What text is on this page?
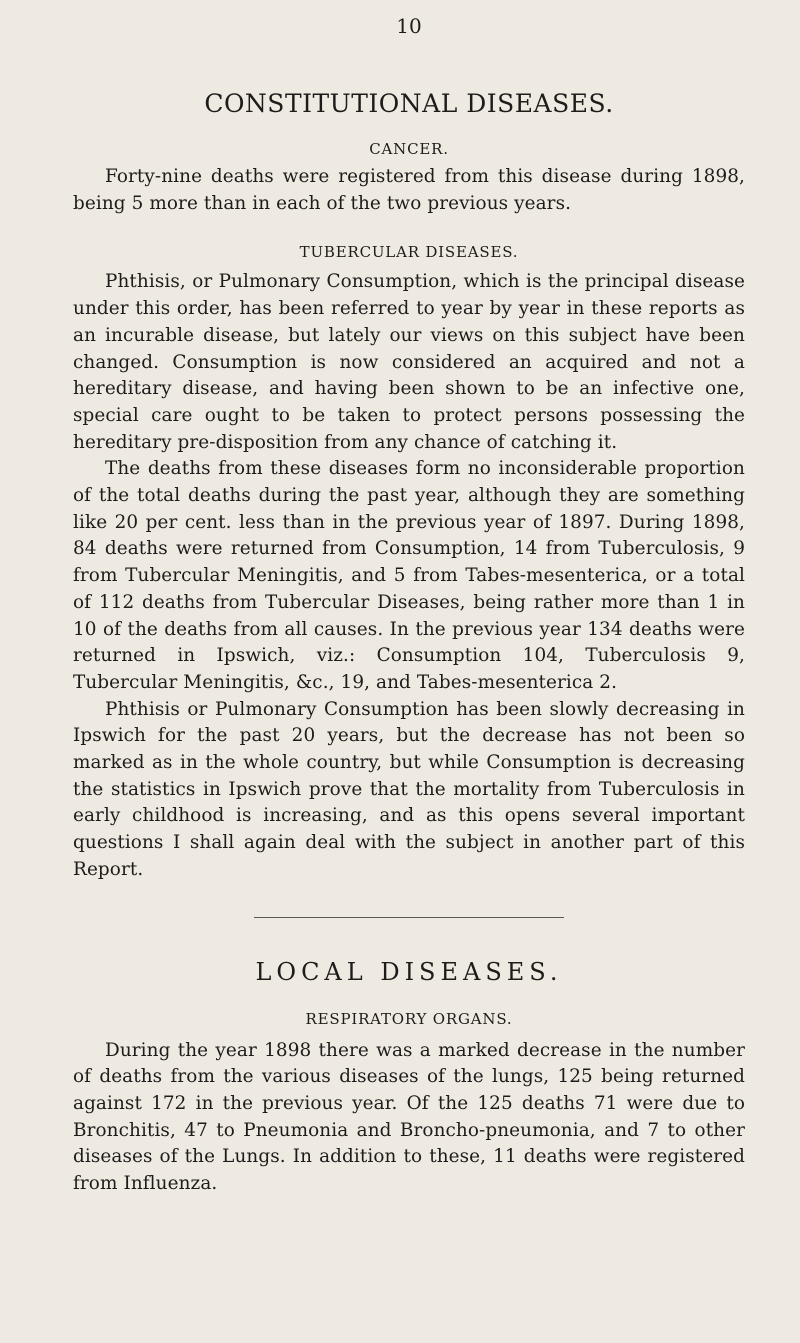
10
CONSTITUTIONAL DISEASES.
CANCER.

Forty-nine deaths were registered from this disease during 1898, being 5 more than in each of the two previous years.

TUBERCULAR DISEASES.

Phthisis, or Pulmonary Consumption, which is the principal disease under this order, has been referred to year by year in these reports as an incurable disease, but lately our views on this subject have been changed. Consumption is now considered an acquired and not a hereditary disease, and having been shown to be an infective one, special care ought to be taken to protect persons possessing the hereditary pre-disposition from any chance of catching it.

The deaths from these diseases form no inconsiderable proportion of the total deaths during the past year, although they are something like 20 per cent. less than in the previous year of 1897. During 1898, 84 deaths were returned from Consumption, 14 from Tuberculosis, 9 from Tubercular Meningitis, and 5 from Tabes-mesenterica, or a total of 112 deaths from Tubercular Diseases, being rather more than 1 in 10 of the deaths from all causes. In the previous year 134 deaths were returned in Ipswich, viz.: Consumption 104, Tuberculosis 9, Tubercular Meningitis, &c., 19, and Tabes-mesenterica 2.

Phthisis or Pulmonary Consumption has been slowly decreasing in Ipswich for the past 20 years, but the decrease has not been so marked as in the whole country, but while Consumption is decreasing the statistics in Ipswich prove that the mortality from Tuberculosis in early childhood is increasing, and as this opens several important questions I shall again deal with the subject in another part of this Report.

LOCAL DISEASES.
RESPIRATORY ORGANS.

During the year 1898 there was a marked decrease in the number of deaths from the various diseases of the lungs, 125 being returned against 172 in the previous year. Of the 125 deaths 71 were due to Bronchitis, 47 to Pneumonia and Broncho-pneumonia, and 7 to other diseases of the Lungs. In addition to these, 11 deaths were registered from Influenza.
